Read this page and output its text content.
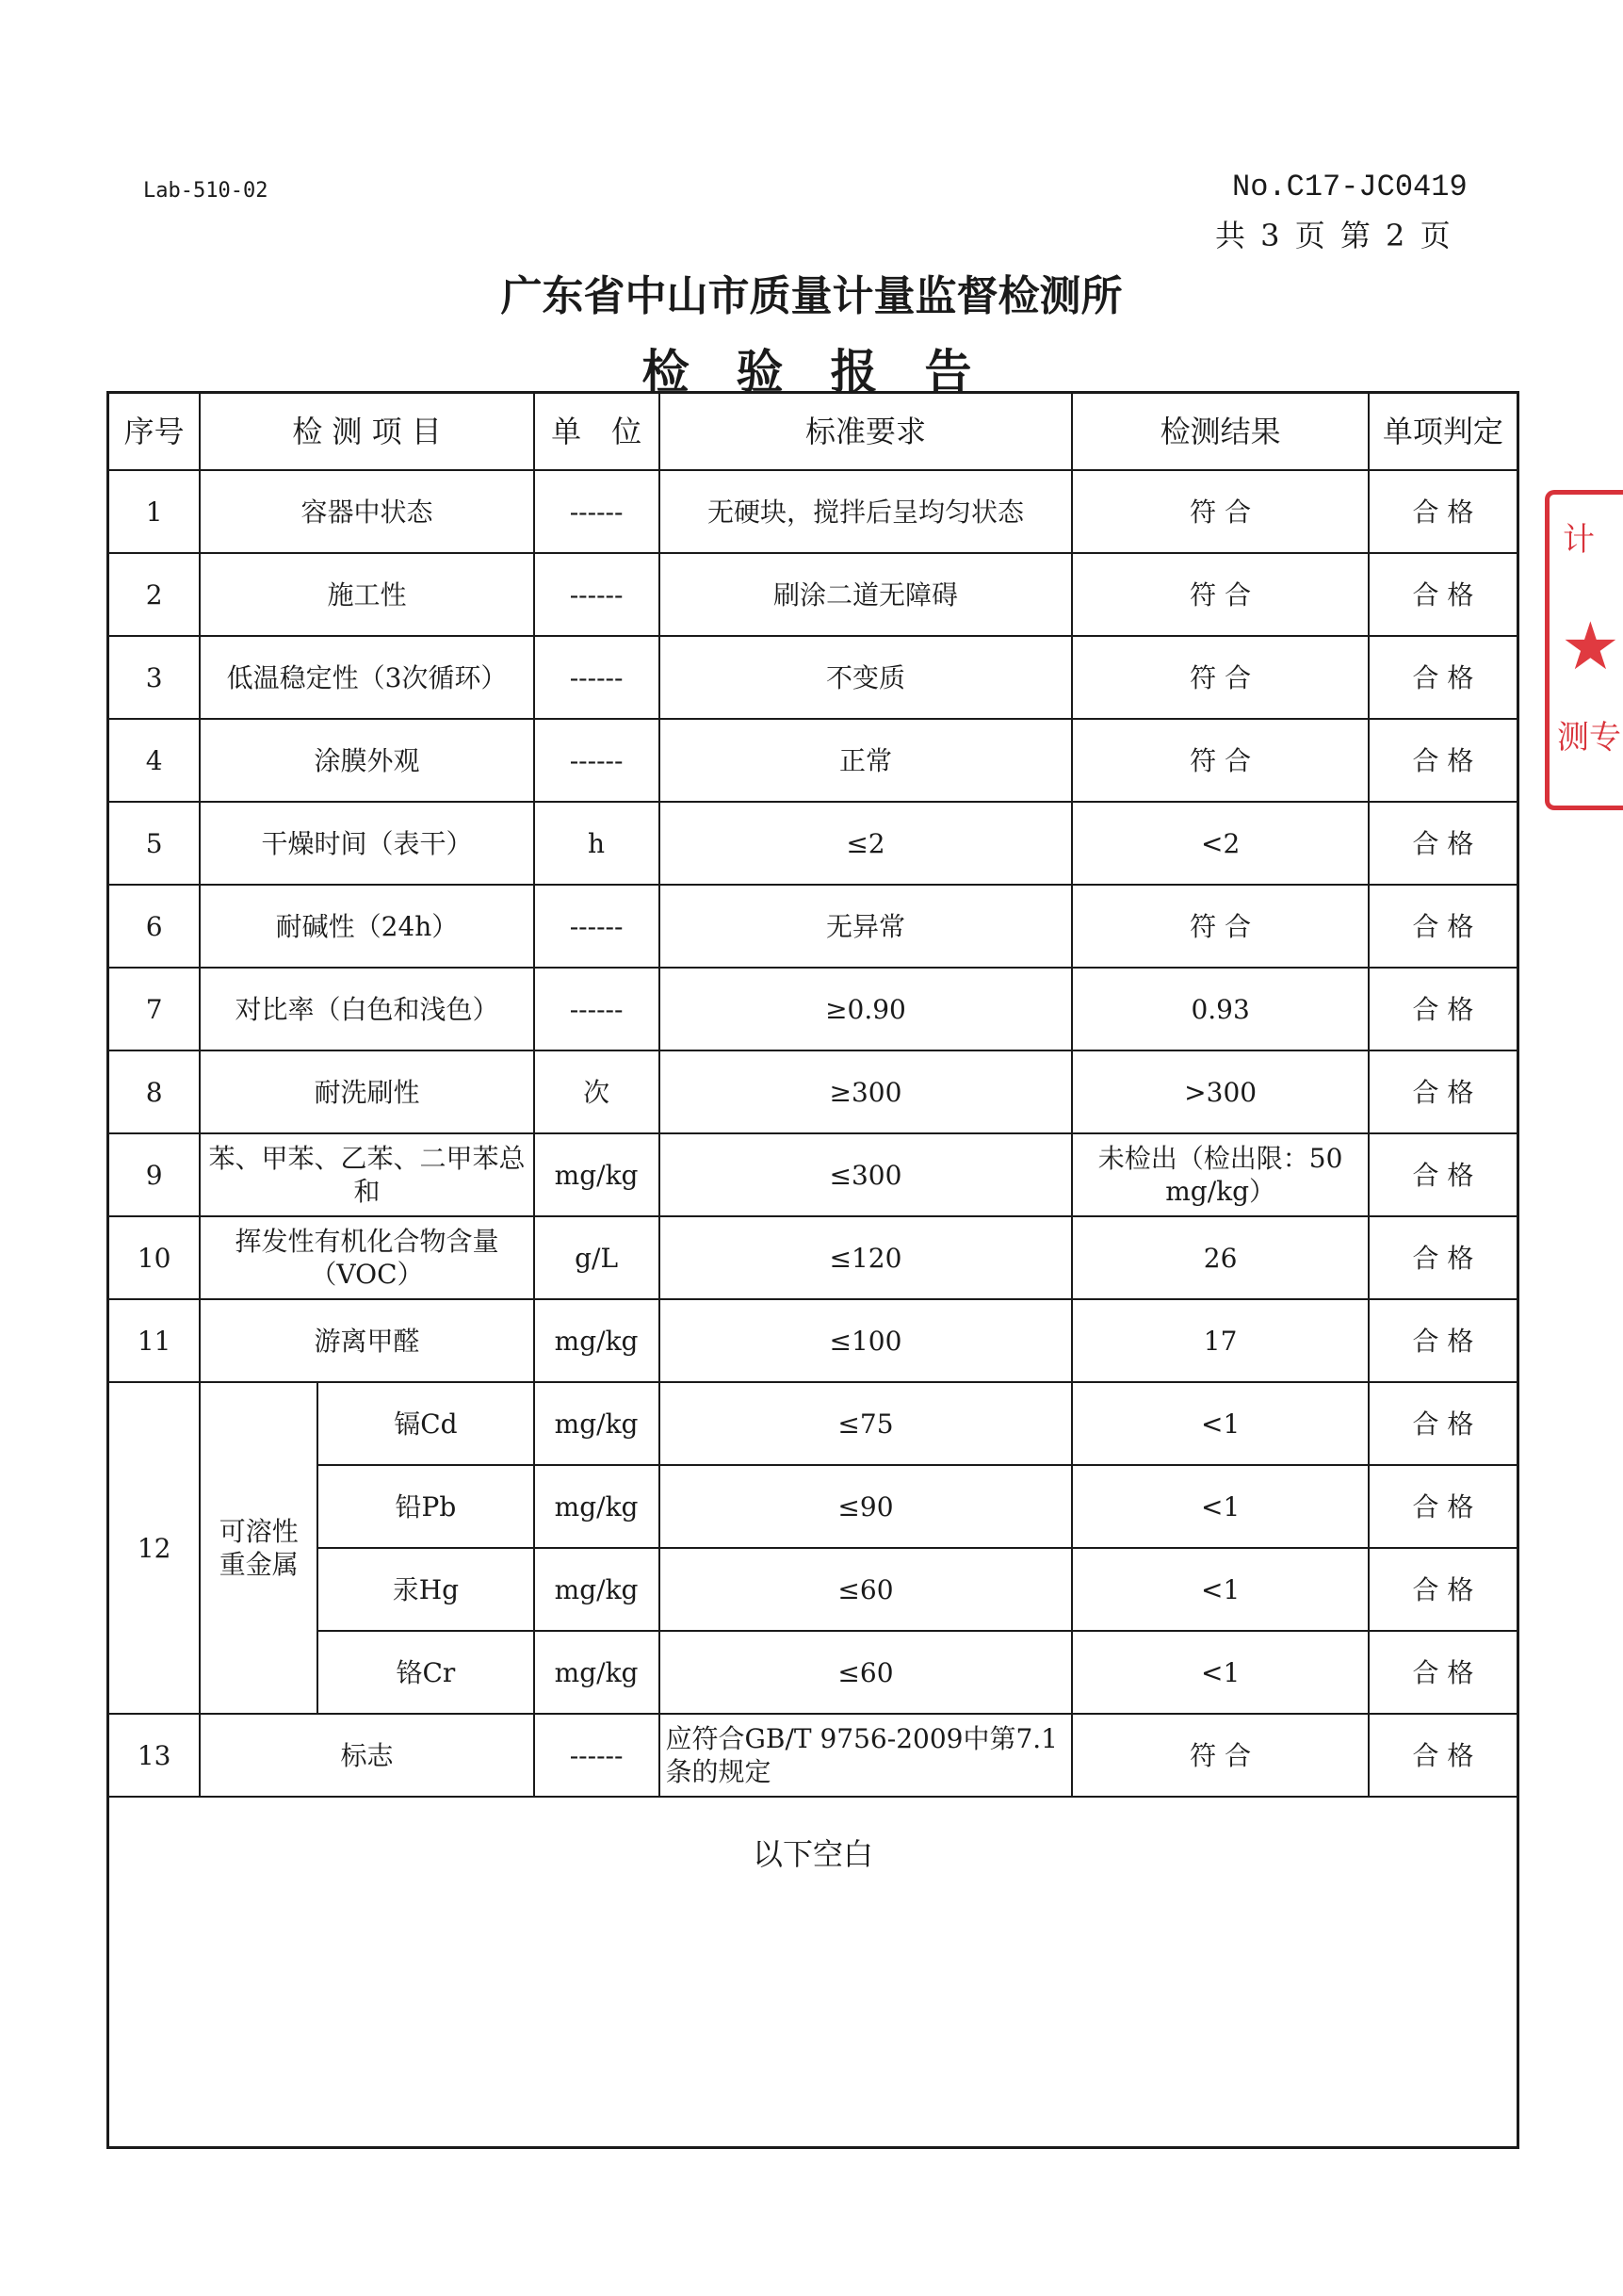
Lab-510-02	No.C17-JC0419
共 3 页 第 2 页
广东省中山市质量计量监督检测所
检验报告
序号	检 测 项 目		单　位	标准要求	检测结果	单项判定
1	容器中状态		------	无硬块，搅拌后呈均匀状态	符 合	合 格
2	施工性		------	刷涂二道无障碍	符 合	合 格
3	低温稳定性（3次循环）		------	不变质	符 合	合 格
4	涂膜外观		------	正常	符 合	合 格
5	干燥时间（表干）		h	≤2	<2	合 格
6	耐碱性（24h）		------	无异常	符 合	合 格
7	对比率（白色和浅色）		------	≥0.90	0.93	合 格
8	耐洗刷性		次	≥300	>300	合 格
9	苯、甲苯、乙苯、二甲苯总和		mg/kg	≤300	未检出（检出限：50 mg/kg）	合 格
10	挥发性有机化合物含量（VOC）		g/L	≤120	26	合 格
11	游离甲醛		mg/kg	≤100	17	合 格
12	可溶性重金属	镉Cd	mg/kg	≤75	<1	合 格
		铅Pb	mg/kg	≤90	<1	合 格
		汞Hg	mg/kg	≤60	<1	合 格
		铬Cr	mg/kg	≤60	<1	合 格
13	标志		------	应符合GB/T 9756-2009中第7.1条的规定	符 合	合 格

以下空白						
计
★
测专
